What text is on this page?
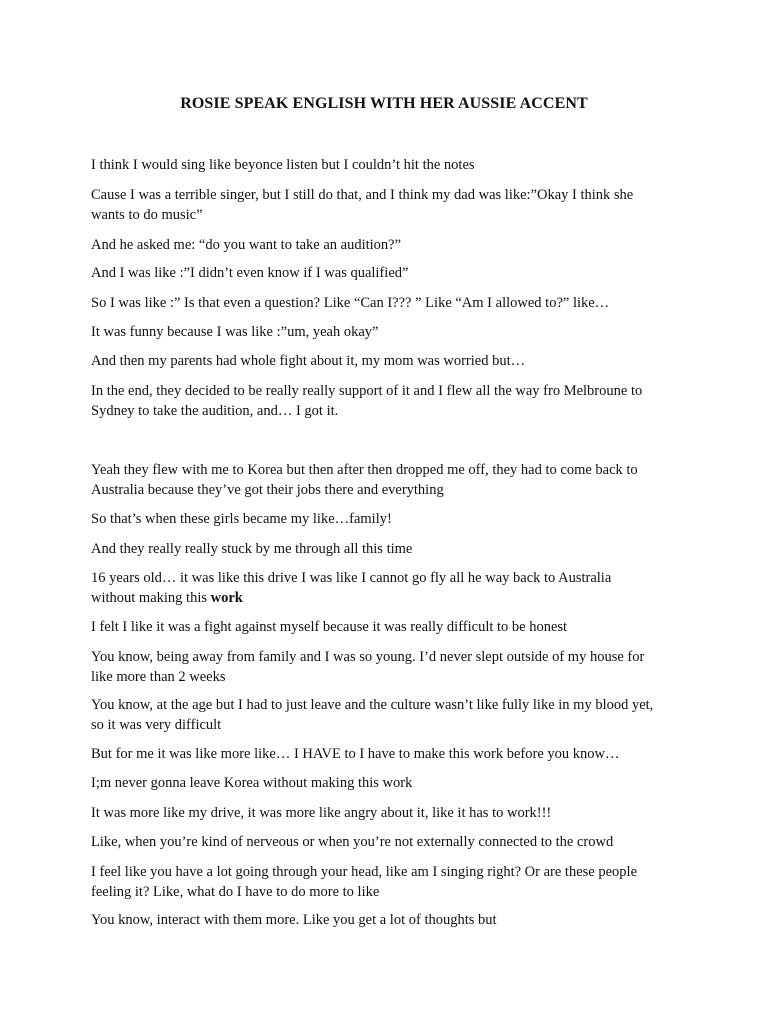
ROSIE SPEAK ENGLISH WITH HER AUSSIE ACCENT
I think I would sing like beyonce listen but I couldn’t hit the notes
Cause I was a terrible singer, but I still do that, and I think my dad was like:”Okay I think she
wants to do music”
And he asked me: “do you want to take an audition?”
And I was like :”I didn’t even know if I was qualified”
So I was like :” Is that even a question? Like “Can I??? ” Like “Am I allowed to?” like…
It was funny because I was like :”um, yeah okay”
And then my parents had whole fight about it, my mom was worried but…
In the end, they decided to be really really support of it and I flew all the way fro Melbroune to
Sydney to take the audition, and… I got it.
Yeah they flew with me to Korea but then after then dropped me off, they had to come back to
Australia because they’ve got their jobs there and everything
So that’s when these girls became my like…family!
And they really really stuck by me through all this time
16 years old… it was like this drive I was like I cannot go fly all he way back to Australia
without making this work
I felt I like it was a fight against myself because it was really difficult to be honest
You know, being away from family and I was so young. I’d never slept outside of my house for
like more than 2 weeks
You know, at the age but I had to just leave and the culture wasn’t like fully like in my blood yet,
so it was very difficult
But for me it was like more like… I HAVE to I have to make this work before you know…
I;m never gonna leave Korea without making this work
It was more like my drive, it was more like angry about it, like it has to work!!!
Like, when you’re kind of nerveous or when you’re not externally connected to the crowd
I feel like you have a lot going through your head, like am I singing right? Or are these people
feeling it? Like, what do I have to do more to like
You know, interact with them more. Like you get a lot of thoughts but
